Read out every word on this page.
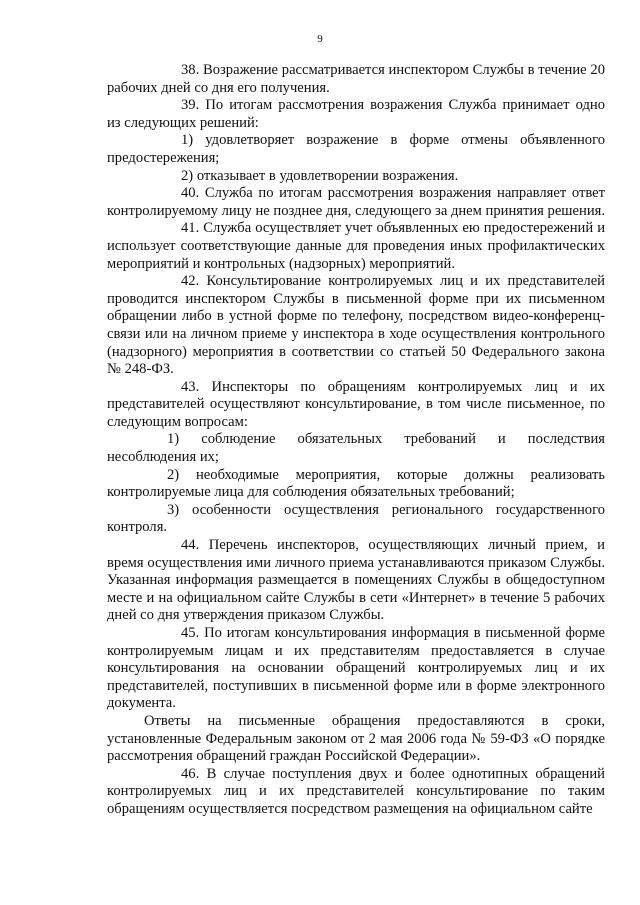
9

38. Возражение рассматривается инспектором Службы в течение 20 рабочих дней со дня его получения.

39. По итогам рассмотрения возражения Служба принимает одно из следующих решений:

1) удовлетворяет возражение в форме отмены объявленного предостережения;

2) отказывает в удовлетворении возражения.

40. Служба по итогам рассмотрения возражения направляет ответ контролируемому лицу не позднее дня, следующего за днем принятия решения.

41. Служба осуществляет учет объявленных ею предостережений и использует соответствующие данные для проведения иных профилактических мероприятий и контрольных (надзорных) мероприятий.

42. Консультирование контролируемых лиц и их представителей проводится инспектором Службы в письменной форме при их письменном обращении либо в устной форме по телефону, посредством видео-конференц-связи или на личном приеме у инспектора в ходе осуществления контрольного (надзорного) мероприятия в соответствии со статьей 50 Федерального закона № 248-ФЗ.

43. Инспекторы по обращениям контролируемых лиц и их представителей осуществляют консультирование, в том числе письменное, по следующим вопросам:

1) соблюдение обязательных требований и последствия несоблюдения их;

2) необходимые мероприятия, которые должны реализовать контролируемые лица для соблюдения обязательных требований;

3) особенности осуществления регионального государственного контроля.

44. Перечень инспекторов, осуществляющих личный прием, и время осуществления ими личного приема устанавливаются приказом Службы. Указанная информация размещается в помещениях Службы в общедоступном месте и на официальном сайте Службы в сети «Интернет» в течение 5 рабочих дней со дня утверждения приказом Службы.

45. По итогам консультирования информация в письменной форме контролируемым лицам и их представителям предоставляется в случае консультирования на основании обращений контролируемых лиц и их представителей, поступивших в письменной форме или в форме электронного документа.

Ответы на письменные обращения предоставляются в сроки, установленные Федеральным законом от 2 мая 2006 года № 59-ФЗ «О порядке рассмотрения обращений граждан Российской Федерации».

46. В случае поступления двух и более однотипных обращений контролируемых лиц и их представителей консультирование по таким обращениям осуществляется посредством размещения на официальном сайте
